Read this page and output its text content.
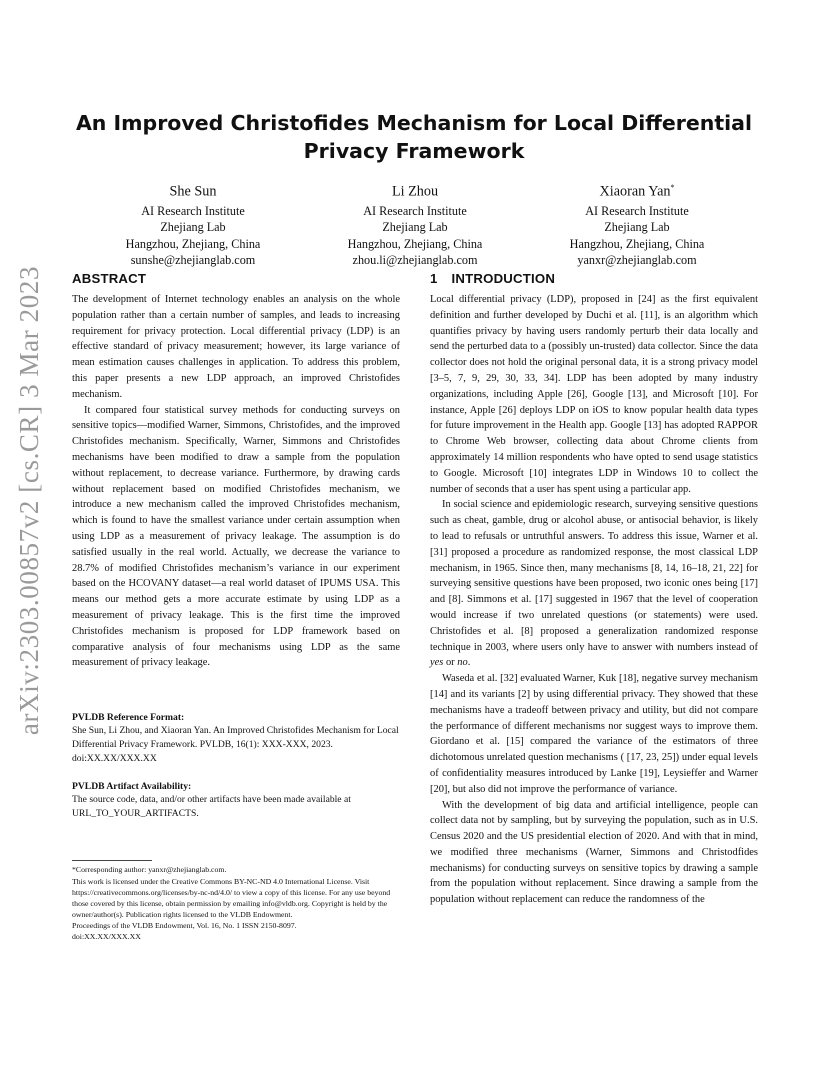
arXiv:2303.00857v2 [cs.CR] 3 Mar 2023
An Improved Christofides Mechanism for Local Differential Privacy Framework
She Sun
AI Research Institute
Zhejiang Lab
Hangzhou, Zhejiang, China
sunshe@zhejianglab.com
Li Zhou
AI Research Institute
Zhejiang Lab
Hangzhou, Zhejiang, China
zhou.li@zhejianglab.com
Xiaoran Yan*
AI Research Institute
Zhejiang Lab
Hangzhou, Zhejiang, China
yanxr@zhejianglab.com
ABSTRACT

The development of Internet technology enables an analysis on the whole population rather than a certain number of samples, and leads to increasing requirement for privacy protection. Local differential privacy (LDP) is an effective standard of privacy measurement; however, its large variance of mean estimation causes challenges in application. To address this problem, this paper presents a new LDP approach, an improved Christofides mechanism.

It compared four statistical survey methods for conducting surveys on sensitive topics—modified Warner, Simmons, Christofides, and the improved Christofides mechanism. Specifically, Warner, Simmons and Christofides mechanisms have been modified to draw a sample from the population without replacement, to decrease variance. Furthermore, by drawing cards without replacement based on modified Christofides mechanism, we introduce a new mechanism called the improved Christofides mechanism, which is found to have the smallest variance under certain assumption when using LDP as a measurement of privacy leakage. The assumption is do satisfied usually in the real world. Actually, we decrease the variance to 28.7% of modified Christofides mechanism’s variance in our experiment based on the HCOVANY dataset—a real world dataset of IPUMS USA. This means our method gets a more accurate estimate by using LDP as a measurement of privacy leakage. This is the first time the improved Christofides mechanism is proposed for LDP framework based on comparative analysis of four mechanisms using LDP as the same measurement of privacy leakage.

PVLDB Reference Format:

She Sun, Li Zhou, and Xiaoran Yan. An Improved Christofides Mechanism for Local Differential Privacy Framework. PVLDB, 16(1): XXX-XXX, 2023.

doi:XX.XX/XXX.XX

PVLDB Artifact Availability:

The source code, data, and/or other artifacts have been made available at URL_TO_YOUR_ARTIFACTS.

*Corresponding author: yanxr@zhejianglab.com.

This work is licensed under the Creative Commons BY-NC-ND 4.0 International License. Visit https://creativecommons.org/licenses/by-nc-nd/4.0/ to view a copy of this license. For any use beyond those covered by this license, obtain permission by emailing info@vldb.org. Copyright is held by the owner/author(s). Publication rights licensed to the VLDB Endowment.

Proceedings of the VLDB Endowment, Vol. 16, No. 1 ISSN 2150-8097.

doi:XX.XX/XXX.XX

1 INTRODUCTION

Local differential privacy (LDP), proposed in [24] as the first equivalent definition and further developed by Duchi et al. [11], is an algorithm which quantifies privacy by having users randomly perturb their data locally and send the perturbed data to a (possibly un-trusted) data collector. Since the data collector does not hold the original personal data, it is a strong privacy model [3–5, 7, 9, 29, 30, 33, 34]. LDP has been adopted by many industry organizations, including Apple [26], Google [13], and Microsoft [10]. For instance, Apple [26] deploys LDP on iOS to know popular health data types for future improvement in the Health app. Google [13] has adopted RAPPOR to Chrome Web browser, collecting data about Chrome clients from approximately 14 million respondents who have opted to send usage statistics to Google. Microsoft [10] integrates LDP in Windows 10 to collect the number of seconds that a user has spent using a particular app.

In social science and epidemiologic research, surveying sensitive questions such as cheat, gamble, drug or alcohol abuse, or antisocial behavior, is likely to lead to refusals or untruthful answers. To address this issue, Warner et al. [31] proposed a procedure as randomized response, the most classical LDP mechanism, in 1965. Since then, many mechanisms [8, 14, 16–18, 21, 22] for surveying sensitive questions have been proposed, two iconic ones being [17] and [8]. Simmons et al. [17] suggested in 1967 that the level of cooperation would increase if two unrelated questions (or statements) were used. Christofides et al. [8] proposed a generalization randomized response technique in 2003, where users only have to answer with numbers instead of yes or no.

Waseda et al. [32] evaluated Warner, Kuk [18], negative survey mechanism [14] and its variants [2] by using differential privacy. They showed that these mechanisms have a tradeoff between privacy and utility, but did not compare the performance of different mechanisms nor suggest ways to improve them. Giordano et al. [15] compared the variance of the estimators of three dichotomous unrelated question mechanisms ( [17, 23, 25]) under equal levels of confidentiality measures introduced by Lanke [19], Leysieffer and Warner [20], but also did not improve the performance of variance.

With the development of big data and artificial intelligence, people can collect data not by sampling, but by surveying the population, such as in U.S. Census 2020 and the US presidential election of 2020. And with that in mind, we modified three mechanisms (Warner, Simmons and Christodfides mechanisms) for conducting surveys on sensitive topics by drawing a sample from the population without replacement. Since drawing a sample from the population without replacement can reduce the randomness of the
